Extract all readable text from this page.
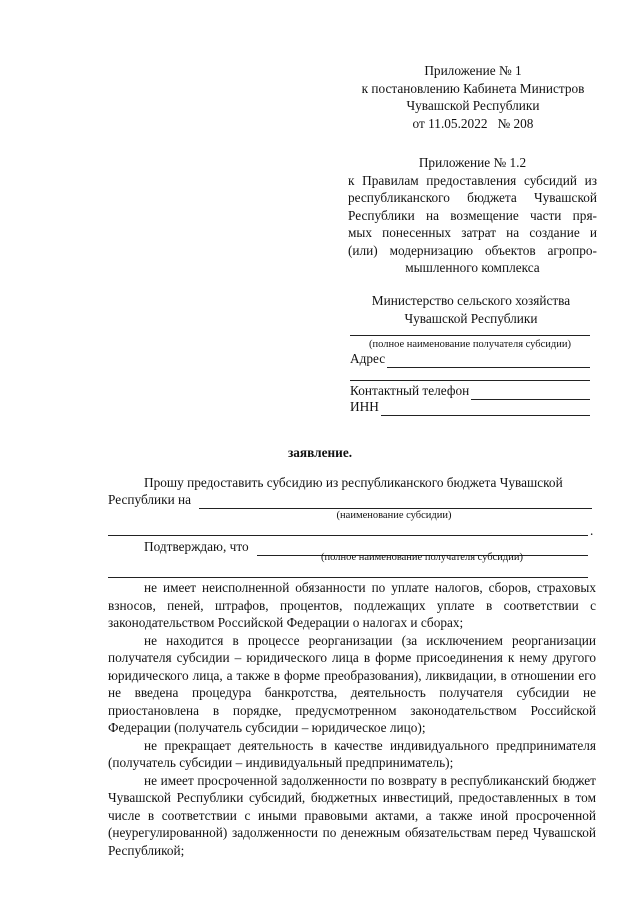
Приложение № 1

к постановлению Кабинета Министров

Чувашской Республики

от 11.05.2022   № 208

Приложение № 1.2

к Правилам предоставления субсидий из

республиканского бюджета Чувашской

Республики на возмещение части пря-

мых понесенных затрат на создание и

(или) модернизацию объектов агропро-

мышленного комплекса

Министерство сельского хозяйства

Чувашской Республики

(полное наименование получателя субсидии)
Адрес
Контактный телефон
ИНН
заявление.
Прошу предоставить субсидию из республиканского бюджета Чувашской
Республики на
(наименование субсидии)
.
Подтверждаю, что
(полное наименование получателя субсидии)

не имеет неисполненной обязанности по уплате налогов, сборов, страховых взносов, пеней, штрафов, процентов, подлежащих уплате в соответствии с законодательством Российской Федерации о налогах и сборах;

не находится в процессе реорганизации (за исключением реорганизации получателя субсидии – юридического лица в форме присоединения к нему другого юридического лица, а также в форме преобразования), ликвидации, в отношении его не введена процедура банкротства, деятельность получателя субсидии не приостановлена в порядке, предусмотренном законодательством Российской Федерации (получатель субсидии – юридическое лицо);

не прекращает деятельность в качестве индивидуального предпринимателя (получатель субсидии – индивидуальный предприниматель);

не имеет просроченной задолженности по возврату в республиканский бюджет Чувашской Республики субсидий, бюджетных инвестиций, предоставленных в том числе в соответствии с иными правовыми актами, а также иной просроченной (неурегулированной) задолженности по денежным обязательствам перед Чувашской Республикой;
